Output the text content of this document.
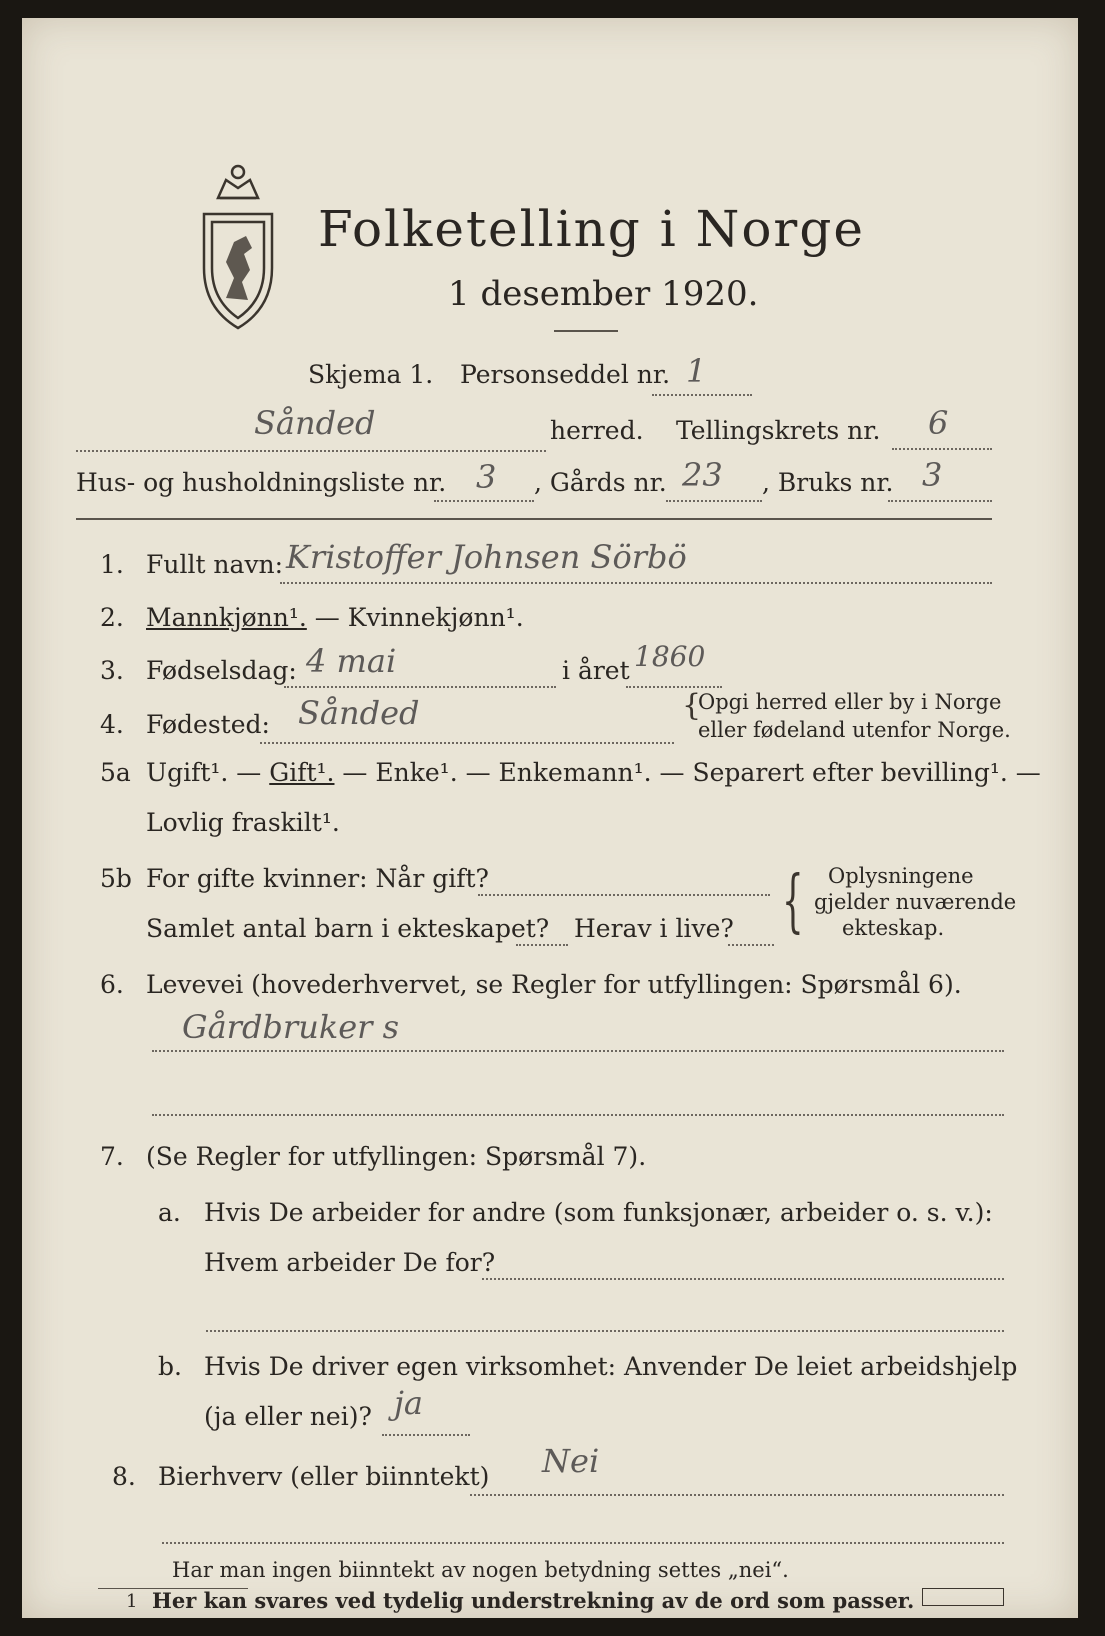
Folketelling i Norge
1 desember 1920.
Skjema 1. Personseddel nr. 1
Sånded	herred. Tellingskrets nr. 6
Hus- og husholdningsliste nr. 3 , Gårds nr. 23 , Bruks nr. 3
1. Fullt navn: Kristoffer Johnsen Sörbö
2. Mannkjønn¹. — Kvinnekjønn¹.
3. Fødselsdag: 4 mai	i året 1860
4. Fødested: Sånded	{
Opgi herred eller by i Norge
eller fødeland utenfor Norge.
5a Ugift¹. — Gift¹. — Enke¹. — Enkemann¹. — Separert efter bevilling¹. —
Lovlig fraskilt¹.
5b For gifte kvinner: Når gift?
Samlet antal barn i ekteskapet? Herav i live? { Oplysningene
gjelder nuværende
ekteskap.
6. Levevei (hovederhvervet, se Regler for utfyllingen: Spørsmål 6).
Gårdbruker s
7. (Se Regler for utfyllingen: Spørsmål 7).
a. Hvis De arbeider for andre (som funksjonær, arbeider o. s. v.):
Hvem arbeider De for?
b. Hvis De driver egen virksomhet: Anvender De leiet arbeidshjelp
(ja eller nei)? ja
8. Bierhverv (eller biinntekt) Nei
Har man ingen biinntekt av nogen betydning settes „nei“.
1 Her kan svares ved tydelig understrekning av de ord som passer.
